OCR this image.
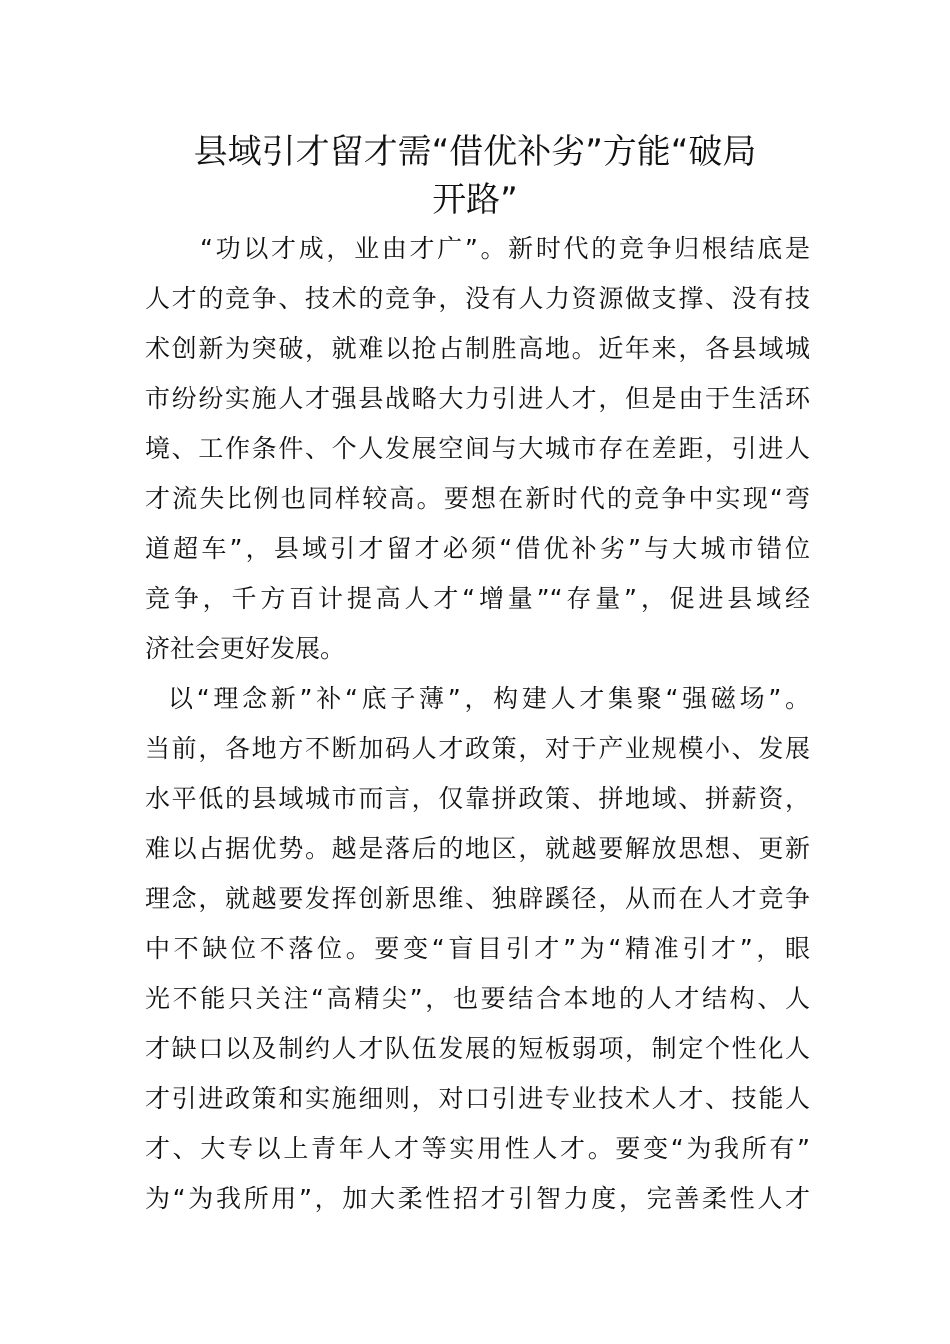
县域引才留才需“借优补劣”方能“破局
开路”
“功以才成，业由才广”。新时代的竞争归根结底是
人才的竞争、技术的竞争，没有人力资源做支撑、没有技
术创新为突破，就难以抢占制胜高地。近年来，各县域城
市纷纷实施人才强县战略大力引进人才，但是由于生活环
境、工作条件、个人发展空间与大城市存在差距，引进人
才流失比例也同样较高。要想在新时代的竞争中实现“弯
道超车”，县域引才留才必须“借优补劣”与大城市错位
竞争，千方百计提高人才“增量”“存量”，促进县域经
济社会更好发展。
以“理念新”补“底子薄”，构建人才集聚“强磁场”。
当前，各地方不断加码人才政策，对于产业规模小、发展
水平低的县域城市而言，仅靠拼政策、拼地域、拼薪资，
难以占据优势。越是落后的地区，就越要解放思想、更新
理念，就越要发挥创新思维、独辟蹊径，从而在人才竞争
中不缺位不落位。要变“盲目引才”为“精准引才”，眼
光不能只关注“高精尖”，也要结合本地的人才结构、人
才缺口以及制约人才队伍发展的短板弱项，制定个性化人
才引进政策和实施细则，对口引进专业技术人才、技能人
才、大专以上青年人才等实用性人才。要变“为我所有”
为“为我所用”，加大柔性招才引智力度，完善柔性人才
